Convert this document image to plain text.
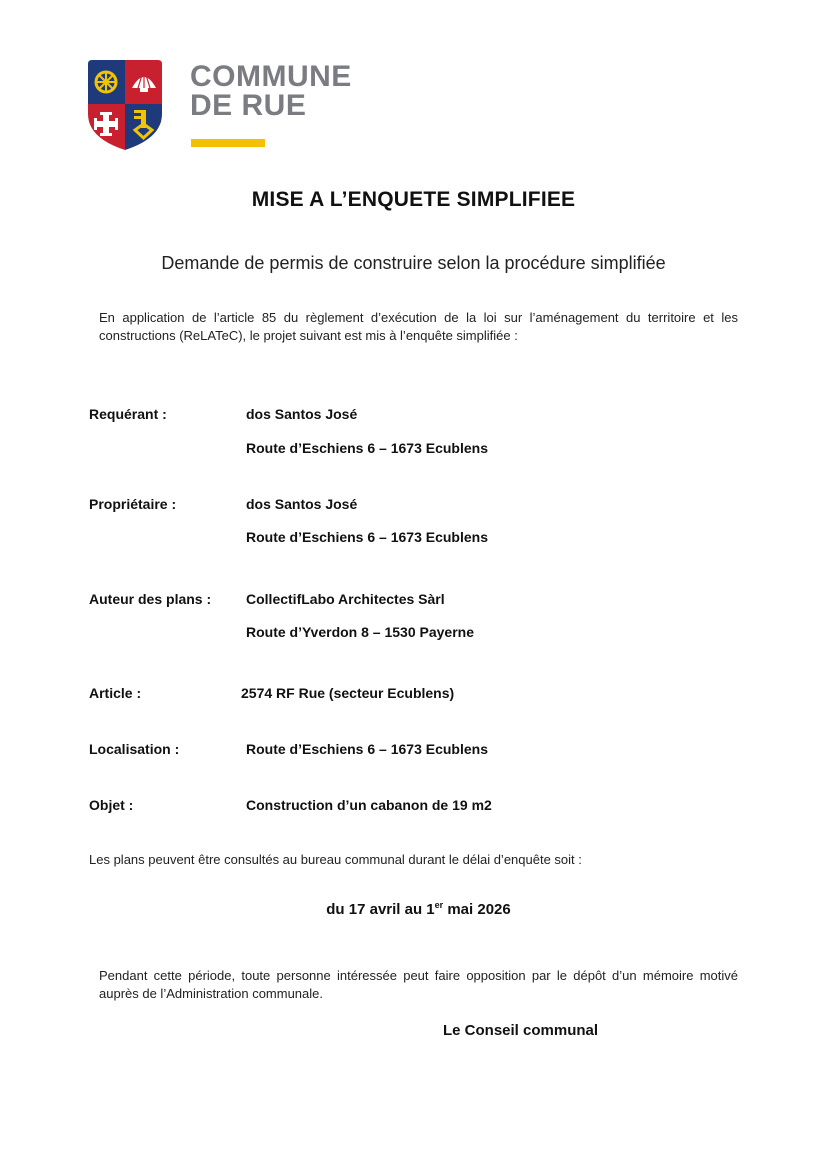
COMMUNE
DE RUE
MISE A L’ENQUETE SIMPLIFIEE
Demande de permis de construire selon la procédure simplifiée
En application de l’article 85 du règlement d’exécution de la loi sur l’aménagement du territoire et les constructions (ReLATeC), le projet suivant est mis à l’enquête simplifiée :
Requérant :	dos Santos José
Route d’Eschiens 6 – 1673 Ecublens
Propriétaire :	dos Santos José
Route d’Eschiens 6 – 1673 Ecublens
Auteur des plans : CollectifLabo Architectes Sàrl
Route d’Yverdon 8 – 1530 Payerne
Article :	2574 RF Rue (secteur Ecublens)
Localisation :	Route d’Eschiens 6 – 1673 Ecublens
Objet :	Construction d’un cabanon de 19 m2
Les plans peuvent être consultés au bureau communal durant le délai d’enquête soit :
du 17 avril au 1er mai 2026
Pendant cette période, toute personne intéressée peut faire opposition par le dépôt d’un mémoire motivé auprès de l’Administration communale.
Le Conseil communal
